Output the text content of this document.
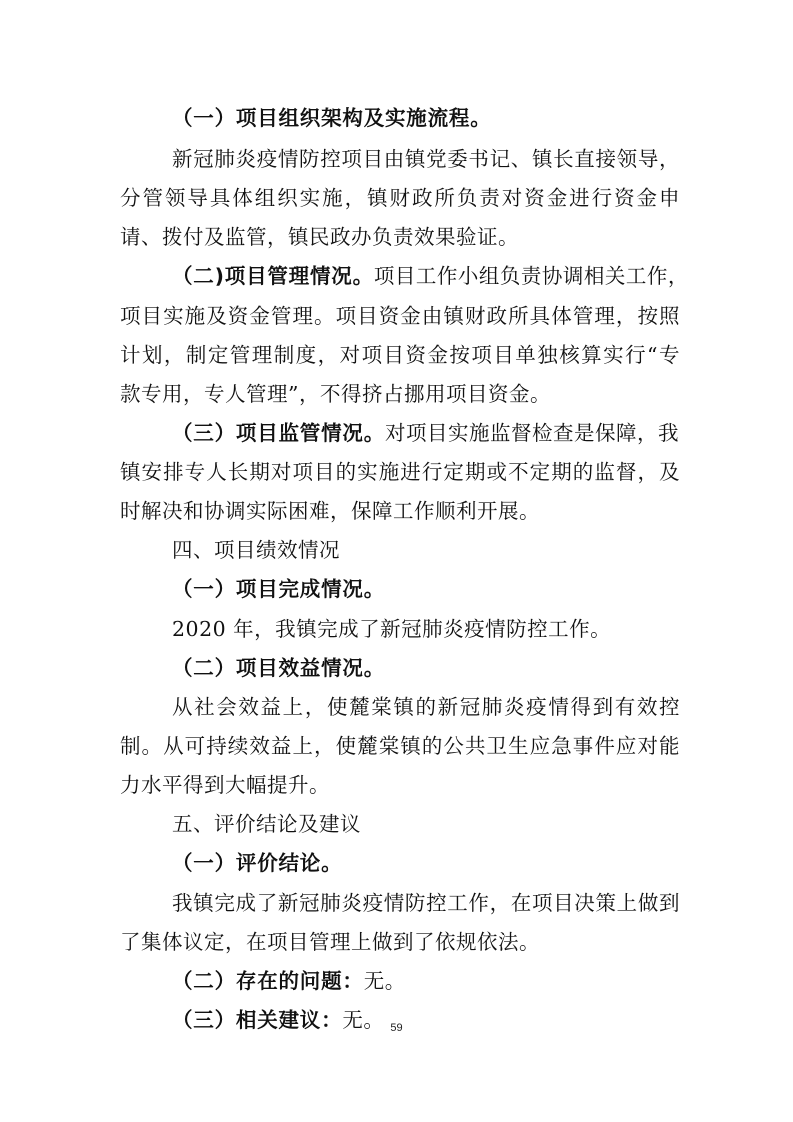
（一）项目组织架构及实施流程。
新冠肺炎疫情防控项目由镇党委书记、镇长直接领导，
分管领导具体组织实施，镇财政所负责对资金进行资金申
请、拨付及监管，镇民政办负责效果验证。
（二)项目管理情况。项目工作小组负责协调相关工作，
项目实施及资金管理。项目资金由镇财政所具体管理，按照
计划，制定管理制度，对项目资金按项目单独核算实行“专
款专用，专人管理”，不得挤占挪用项目资金。
（三）项目监管情况。对项目实施监督检查是保障，我
镇安排专人长期对项目的实施进行定期或不定期的监督，及
时解决和协调实际困难，保障工作顺利开展。
四、项目绩效情况
（一）项目完成情况。
2020 年，我镇完成了新冠肺炎疫情防控工作。
（二）项目效益情况。
从社会效益上，使麓棠镇的新冠肺炎疫情得到有效控
制。从可持续效益上，使麓棠镇的公共卫生应急事件应对能
力水平得到大幅提升。
五、评价结论及建议
（一）评价结论。
我镇完成了新冠肺炎疫情防控工作，在项目决策上做到
了集体议定，在项目管理上做到了依规依法。
（二）存在的问题：无。
（三）相关建议：无。 59
